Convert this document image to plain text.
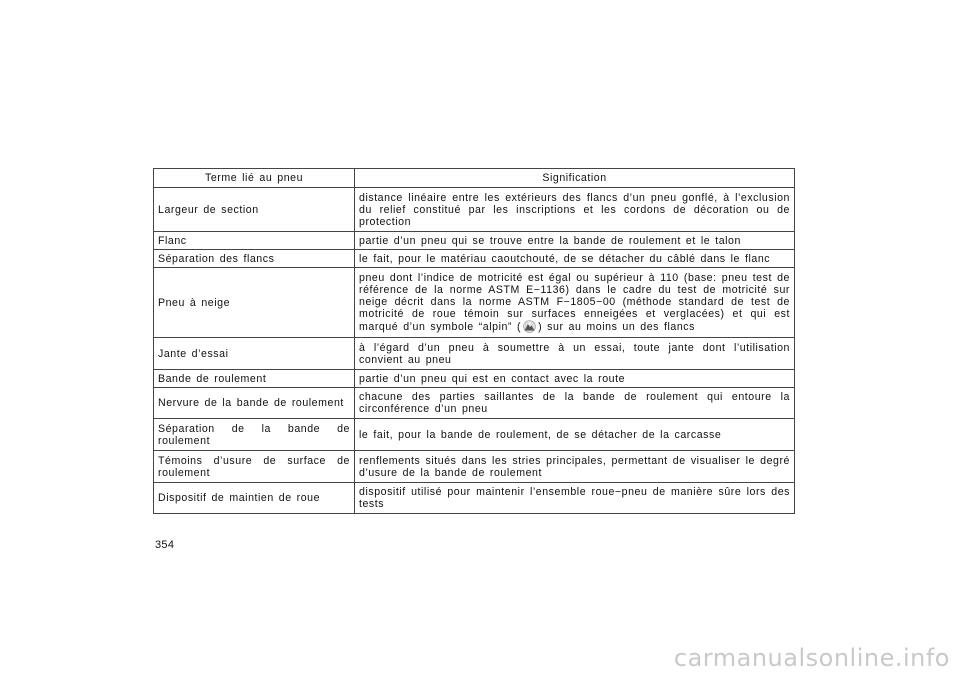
Terme lié au pneu	Signification
Largeur de section	distance linéaire entre les extérieurs des flancs d’un pneu gonflé, à l’exclusion du relief constitué par les inscriptions et les cordons de décoration ou de protection
Flanc	partie d’un pneu qui se trouve entre la bande de roulement et le talon
Séparation des flancs	le fait, pour le matériau caoutchouté, de se détacher du câblé dans le flanc
Pneu à neige	pneu dont l’indice de motricité est égal ou supérieur à 110 (base: pneu test de référence de la norme ASTM E−1136) dans le cadre du test de motricité sur neige décrit dans la norme ASTM F−1805−00 (méthode standard de test de motricité de roue témoin sur surfaces enneigées et verglacées) et qui est marqué d’un symbole “alpin” ( ) sur au moins un des flancs
Jante d’essai	à l’égard d’un pneu à soumettre à un essai, toute jante dont l’utilisation convient au pneu
Bande de roulement	partie d’un pneu qui est en contact avec la route
Nervure de la bande de roulement	chacune des parties saillantes de la bande de roulement qui entoure la circonférence d’un pneu
Séparation de la bande de roulement	le fait, pour la bande de roulement, de se détacher de la carcasse
Témoins d’usure de surface de roulement	renflements situés dans les stries principales, permettant de visualiser le degré d’usure de la bande de roulement
Dispositif de maintien de roue	dispositif utilisé pour maintenir l’ensemble roue−pneu de manière sûre lors des tests
354
carmanualsonline.info
